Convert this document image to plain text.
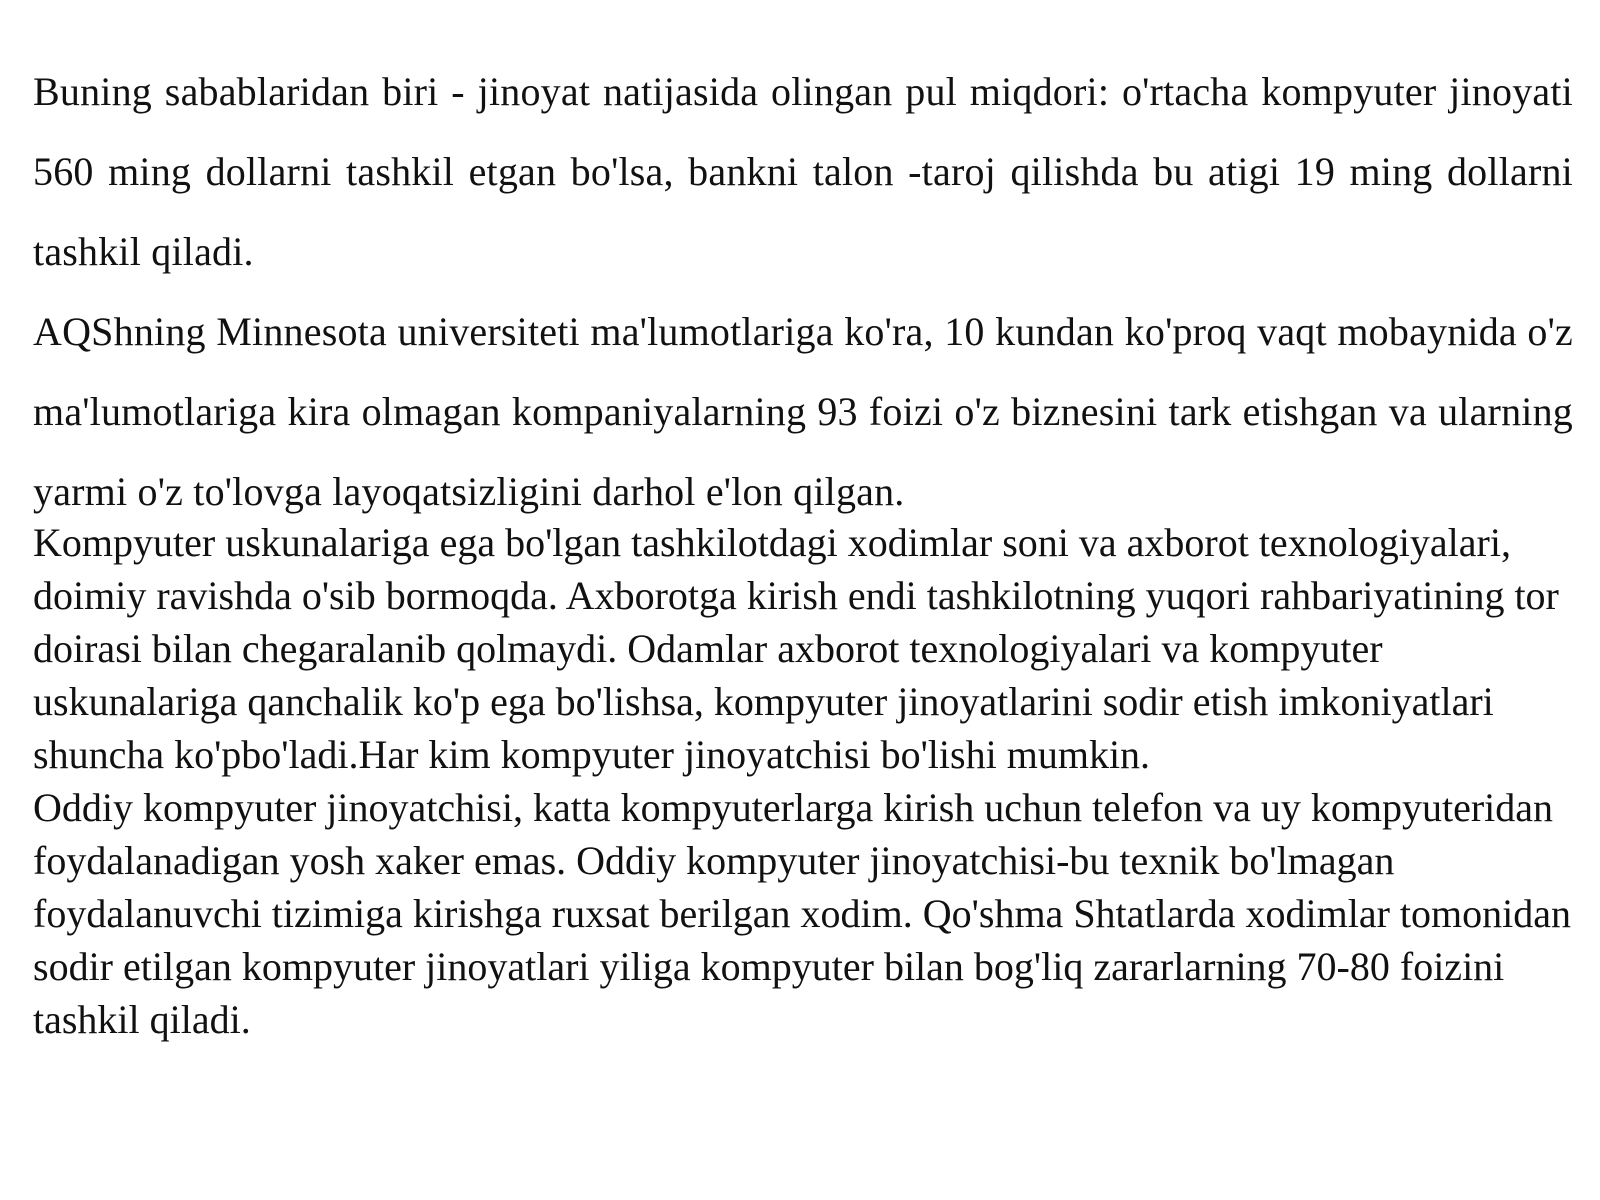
Buning sabablaridan biri - jinoyat natijasida olingan pul miqdori: o'rtacha kompyuter jinoyati 560 ming dollarni tashkil etgan bo'lsa, bankni talon -taroj qilishda bu atigi 19 ming dollarni tashkil qiladi.

AQShning Minnesota universiteti ma'lumotlariga ko'ra, 10 kundan ko'proq vaqt mobaynida o'z ma'lumotlariga kira olmagan kompaniyalarning 93 foizi o'z biznesini tark etishgan va ularning yarmi o'z to'lovga layoqatsizligini darhol e'lon qilgan.

Kompyuter uskunalariga ega bo'lgan tashkilotdagi xodimlar soni va axborot texnologiyalari, doimiy ravishda o'sib bormoqda. Axborotga kirish endi tashkilotning yuqori rahbariyatining tor doirasi bilan chegaralanib qolmaydi. Odamlar axborot texnologiyalari va kompyuter uskunalariga qanchalik ko'p ega bo'lishsa, kompyuter jinoyatlarini sodir etish imkoniyatlari shuncha ko'pbo'ladi.Har kim kompyuter jinoyatchisi bo'lishi mumkin.

Oddiy kompyuter jinoyatchisi, katta kompyuterlarga kirish uchun telefon va uy kompyuteridan foydalanadigan yosh xaker emas. Oddiy kompyuter jinoyatchisi-bu texnik bo'lmagan foydalanuvchi tizimiga kirishga ruxsat berilgan xodim. Qo'shma Shtatlarda xodimlar tomonidan sodir etilgan kompyuter jinoyatlari yiliga kompyuter bilan bog'liq zararlarning 70-80 foizini tashkil qiladi.
